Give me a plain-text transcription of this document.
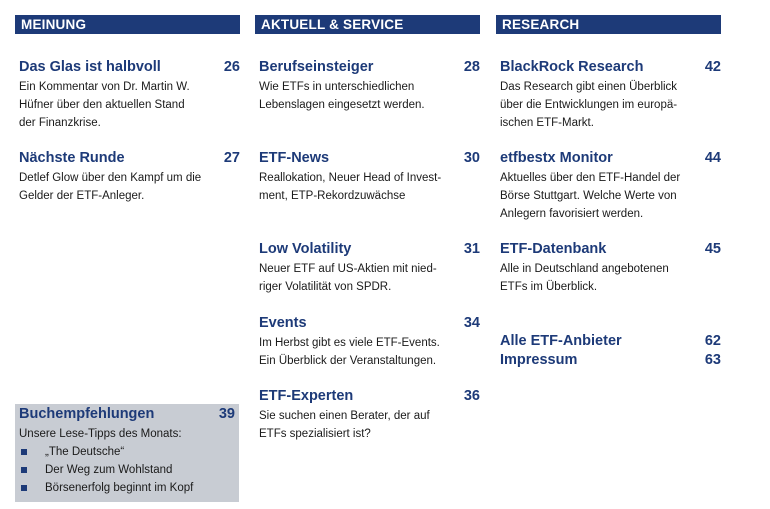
MEINUNG
Das Glas ist halbvoll	26
Ein Kommentar von Dr. Martin W.
Hüfner über den aktuellen Stand
der Finanzkrise.
Nächste Runde	27
Detlef Glow über den Kampf um die
Gelder der ETF-Anleger.
Buchempfehlungen	39
Unsere Lese-Tipps des Monats:
„The Deutsche“
Der Weg zum Wohlstand
Börsenerfolg beginnt im Kopf
AKTUELL & SERVICE
Berufseinsteiger	28
Wie ETFs in unterschiedlichen
Lebenslagen eingesetzt werden.
ETF-News	30
Reallokation, Neuer Head of Invest-
ment, ETP-Rekordzuwächse
Low Volatility	31
Neuer ETF auf US-Aktien mit nied-
riger Volatilität von SPDR.
Events	34
Im Herbst gibt es viele ETF-Events.
Ein Überblick der Veranstaltungen.
ETF-Experten	36
Sie suchen einen Berater, der auf
ETFs spezialisiert ist?
RESEARCH
BlackRock Research	42
Das Research gibt einen Überblick
über die Entwicklungen im europä-
ischen ETF-Markt.
etfbestx Monitor	44
Aktuelles über den ETF-Handel der
Börse Stuttgart. Welche Werte von
Anlegern favorisiert werden.
ETF-Datenbank	45
Alle in Deutschland angebotenen
ETFs im Überblick.
Alle ETF-Anbieter	62
Impressum	63
